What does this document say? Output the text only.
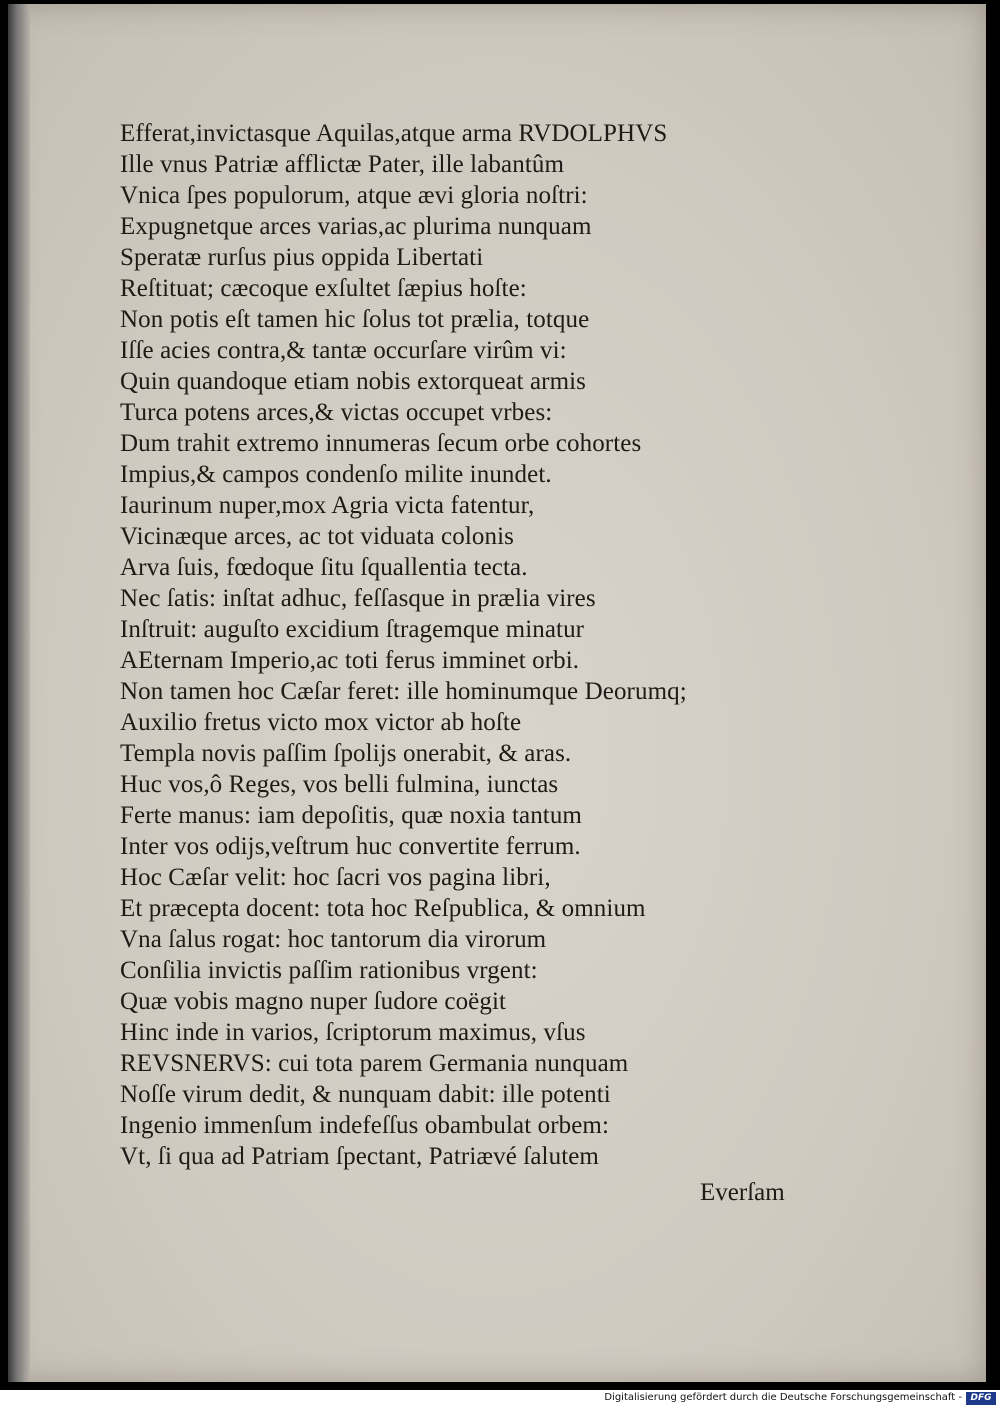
Efferat,invictasque Aquilas,atque arma RVDOLPHVS
Ille vnus Patriæ afflictæ Pater, ille labantûm
Vnica ſpes populorum, atque ævi gloria noſtri:
Expugnetque arces varias,ac plurima nunquam
Speratæ rurſus pius oppida Libertati
Reſtituat; cæcoque exſultet ſæpius hoſte:
Non potis eſt tamen hic ſolus tot prælia, totque
Iſſe acies contra,& tantæ occurſare virûm vi:
Quin quandoque etiam nobis extorqueat armis
Turca potens arces,& victas occupet vrbes:
Dum trahit extremo innumeras ſecum orbe cohortes
Impius,& campos condenſo milite inundet.
Iaurinum nuper,mox Agria victa fatentur,
Vicinæque arces, ac tot viduata colonis
Arva ſuis, fœdoque ſitu ſquallentia tecta.
Nec ſatis: inſtat adhuc, feſſasque in prælia vires
Inſtruit: auguſto excidium ſtragemque minatur
AEternam Imperio,ac toti ferus imminet orbi.
Non tamen hoc Cæſar feret: ille hominumque Deorumq;
Auxilio fretus victo mox victor ab hoſte
Templa novis paſſim ſpolijs onerabit, & aras.
Huc vos,ô Reges, vos belli fulmina, iunctas
Ferte manus: iam depoſitis, quæ noxia tantum
Inter vos odijs,veſtrum huc convertite ferrum.
Hoc Cæſar velit: hoc ſacri vos pagina libri,
Et præcepta docent: tota hoc Reſpublica, & omnium
Vna ſalus rogat: hoc tantorum dia virorum
Conſilia invictis paſſim rationibus vrgent:
Quæ vobis magno nuper ſudore coëgit
Hinc inde in varios, ſcriptorum maximus, vſus
REVSNERVS: cui tota parem Germania nunquam
Noſſe virum dedit, & nunquam dabit: ille potenti
Ingenio immenſum indefeſſus obambulat orbem:
Vt, ſi qua ad Patriam ſpectant, Patriævé ſalutem
Everſam
Digitalisierung gefördert durch die Deutsche Forschungsgemeinschaft - DFG
